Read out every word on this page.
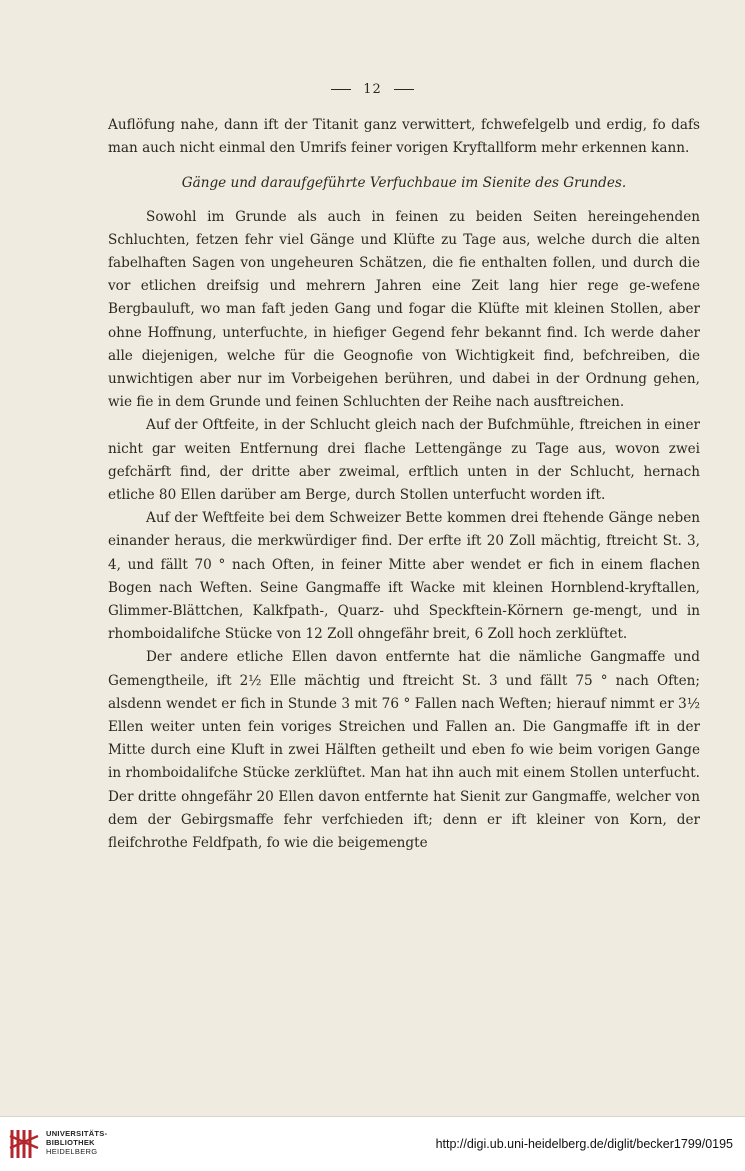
12

Auflöfung nahe, dann ift der Titanit ganz verwittert, fchwefelgelb und erdig, fo dafs man auch nicht einmal den Umrifs feiner vorigen Kryftallform mehr erkennen kann.

Gänge und daraufgeführte Verfuchbaue im Sienite des Grundes.

Sowohl im Grunde als auch in feinen zu beiden Seiten hereingehenden Schluchten, fetzen fehr viel Gänge und Klüfte zu Tage aus, welche durch die alten fabelhaften Sagen von ungeheuren Schätzen, die fie enthalten follen, und durch die vor etlichen dreifsig und mehrern Jahren eine Zeit lang hier rege ge-wefene Bergbauluft, wo man faft jeden Gang und fogar die Klüfte mit kleinen Stollen, aber ohne Hoffnung, unterfuchte, in hiefiger Gegend fehr bekannt find. Ich werde daher alle diejenigen, welche für die Geognofie von Wichtigkeit find, befchreiben, die unwichtigen aber nur im Vorbeigehen berühren, und dabei in der Ordnung gehen, wie fie in dem Grunde und feinen Schluchten der Reihe nach ausftreichen.

Auf der Oftfeite, in der Schlucht gleich nach der Bufchmühle, ftreichen in einer nicht gar weiten Entfernung drei flache Lettengänge zu Tage aus, wovon zwei gefchärft find, der dritte aber zweimal, erftlich unten in der Schlucht, hernach etliche 80 Ellen darüber am Berge, durch Stollen unterfucht worden ift.

Auf der Weftfeite bei dem Schweizer Bette kommen drei ftehende Gänge neben einander heraus, die merkwürdiger find. Der erfte ift 20 Zoll mächtig, ftreicht St. 3, 4, und fällt 70 ° nach Often, in feiner Mitte aber wendet er fich in einem flachen Bogen nach Weften. Seine Gangmaffe ift Wacke mit kleinen Hornblend-kryftallen, Glimmer-Blättchen, Kalkfpath-, Quarz- uhd Speckftein-Körnern ge-mengt, und in rhomboidalifche Stücke von 12 Zoll ohngefähr breit, 6 Zoll hoch zerklüftet.

Der andere etliche Ellen davon entfernte hat die nämliche Gangmaffe und Gemengtheile, ift 2½ Elle mächtig und ftreicht St. 3 und fällt 75 ° nach Often; alsdenn wendet er fich in Stunde 3 mit 76 ° Fallen nach Weften; hierauf nimmt er 3½ Ellen weiter unten fein voriges Streichen und Fallen an. Die Gangmaffe ift in der Mitte durch eine Kluft in zwei Hälften getheilt und eben fo wie beim vorigen Gange in rhomboidalifche Stücke zerklüftet. Man hat ihn auch mit einem Stollen unterfucht. Der dritte ohngefähr 20 Ellen davon entfernte hat Sienit zur Gangmaffe, welcher von dem der Gebirgsmaffe fehr verfchieden ift; denn er ift kleiner von Korn, der fleifchrothe Feldfpath, fo wie die beigemengte

UNIVERSITÄTS-
BIBLIOTHEK
HEIDELBERG
http://digi.ub.uni-heidelberg.de/diglit/becker1799/0195
